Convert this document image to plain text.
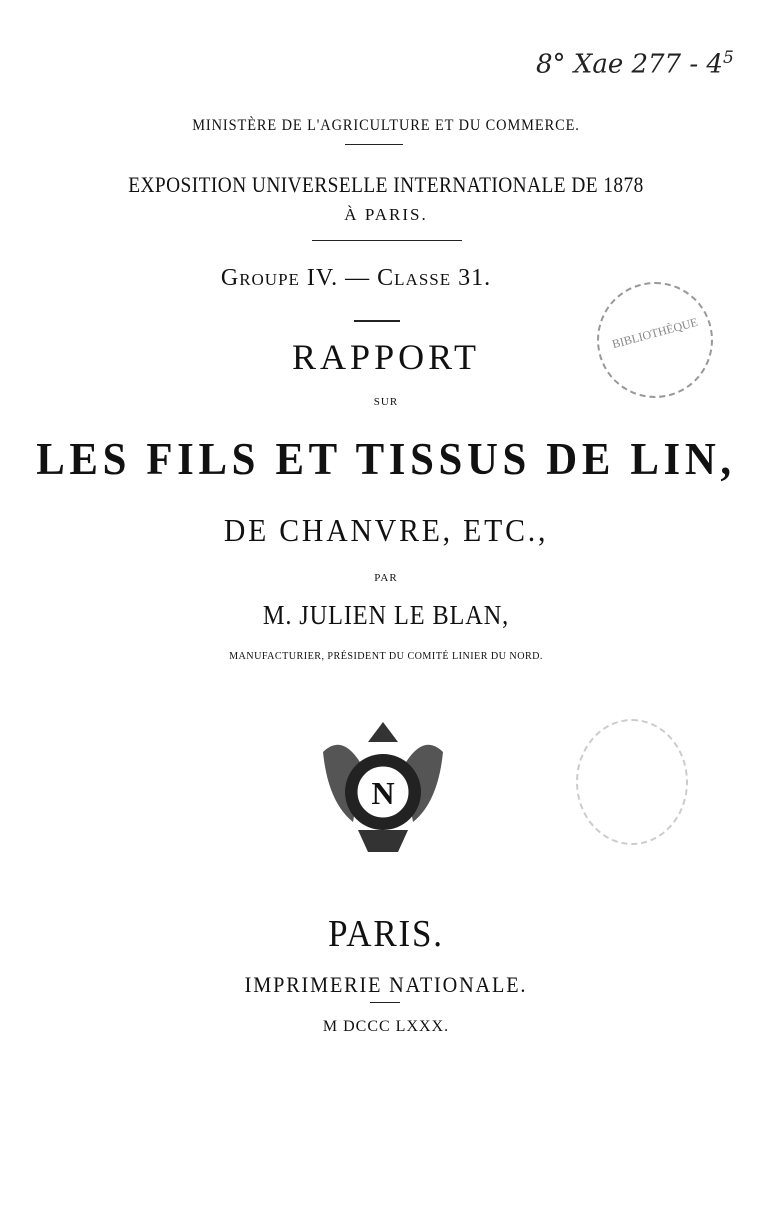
8° Xae $277 - 4^5$
MINISTÈRE DE L'AGRICULTURE ET DU COMMERCE.
EXPOSITION UNIVERSELLE INTERNATIONALE DE 1878
À PARIS.
Groupe IV. — Classe 31.
BIBLIOTHÈQUE
RAPPORT
SUR
LES FILS ET TISSUS DE LIN,
DE CHANVRE, ETC.,
PAR
M. JULIEN LE BLAN,
MANUFACTURIER, PRÉSIDENT DU COMITÉ LINIER DU NORD.
N
PARIS.
IMPRIMERIE NATIONALE.
M DCCC LXXX.
